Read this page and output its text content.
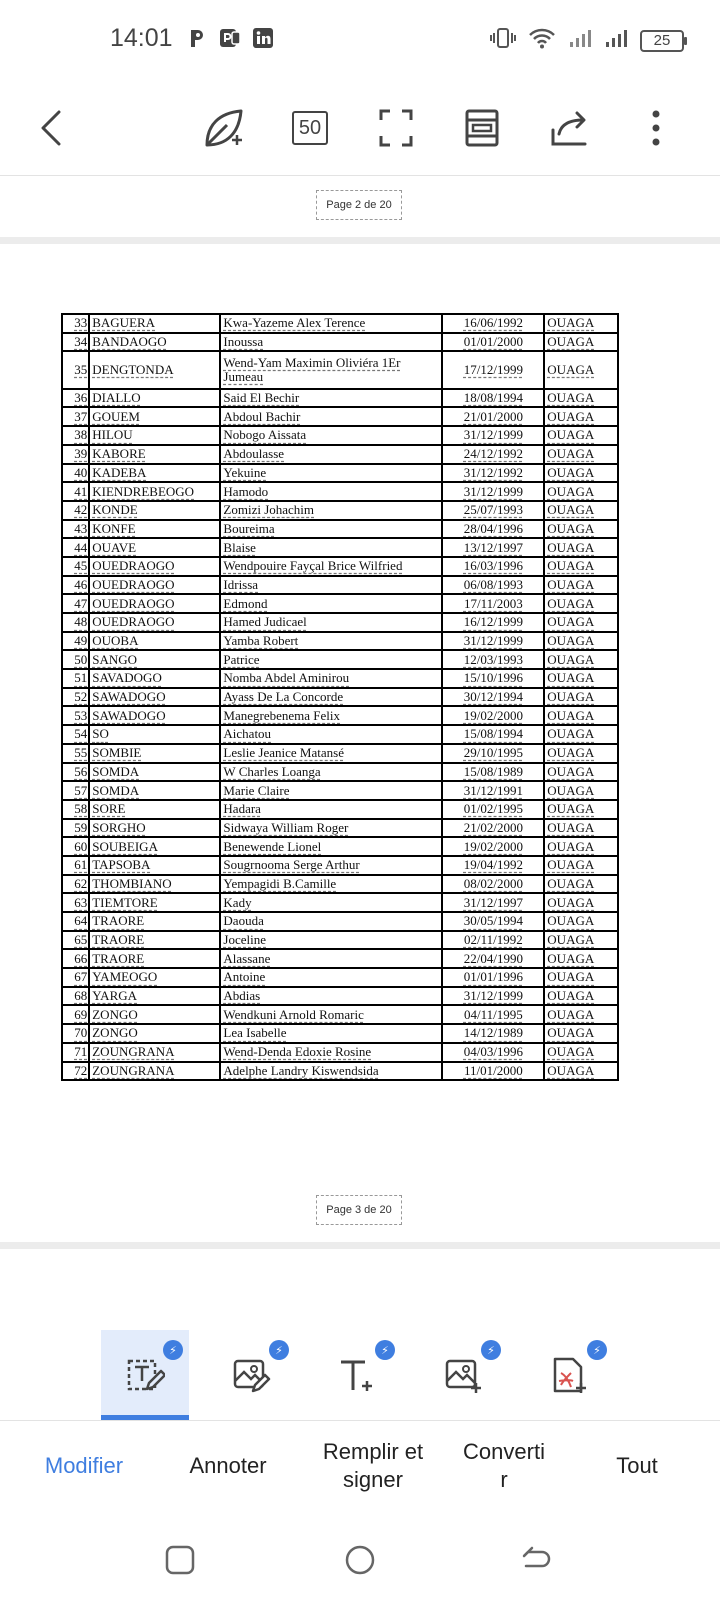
14:01	25
50
Page 2 de 20
33	BAGUERA	Kwa-Yazeme Alex Terence	16/06/1992	OUAGA
34	BANDAOGO	Inoussa	01/01/2000	OUAGA
35	DENGTONDA	Wend-Yam Maximin Oliviéra 1Er Jumeau	17/12/1999	OUAGA
36	DIALLO	Said El Bechir	18/08/1994	OUAGA
37	GOUEM	Abdoul Bachir	21/01/2000	OUAGA
38	HILOU	Nobogo Aissata	31/12/1999	OUAGA
39	KABORE	Abdoulasse	24/12/1992	OUAGA
40	KADEBA	Yekuine	31/12/1992	OUAGA
41	KIENDREBEOGO	Hamodo	31/12/1999	OUAGA
42	KONDE	Zomizi Johachim	25/07/1993	OUAGA
43	KONFE	Boureima	28/04/1996	OUAGA
44	OUAVE	Blaise	13/12/1997	OUAGA
45	OUEDRAOGO	Wendpouire Fayçal Brice Wilfried	16/03/1996	OUAGA
46	OUEDRAOGO	Idrissa	06/08/1993	OUAGA
47	OUEDRAOGO	Edmond	17/11/2003	OUAGA
48	OUEDRAOGO	Hamed Judicael	16/12/1999	OUAGA
49	OUOBA	Yamba Robert	31/12/1999	OUAGA
50	SANGO	Patrice	12/03/1993	OUAGA
51	SAVADOGO	Nomba Abdel Aminirou	15/10/1996	OUAGA
52	SAWADOGO	Ayass De La Concorde	30/12/1994	OUAGA
53	SAWADOGO	Manegrebenema Felix	19/02/2000	OUAGA
54	SO	Aichatou	15/08/1994	OUAGA
55	SOMBIE	Leslie Jeanice Matansé	29/10/1995	OUAGA
56	SOMDA	W Charles Loanga	15/08/1989	OUAGA
57	SOMDA	Marie Claire	31/12/1991	OUAGA
58	SORE	Hadara	01/02/1995	OUAGA
59	SORGHO	Sidwaya William Roger	21/02/2000	OUAGA
60	SOUBEIGA	Benewende Lionel	19/02/2000	OUAGA
61	TAPSOBA	Sougrnooma Serge Arthur	19/04/1992	OUAGA
62	THOMBIANO	Yempagidi B.Camille	08/02/2000	OUAGA
63	TIEMTORE	Kady	31/12/1997	OUAGA
64	TRAORE	Daouda	30/05/1994	OUAGA
65	TRAORE	Joceline	02/11/1992	OUAGA
66	TRAORE	Alassane	22/04/1990	OUAGA
67	YAMEOGO	Antoine	01/01/1996	OUAGA
68	YARGA	Abdias	31/12/1999	OUAGA
69	ZONGO	Wendkuni Arnold Romaric	04/11/1995	OUAGA
70	ZONGO	Lea Isabelle	14/12/1989	OUAGA
71	ZOUNGRANA	Wend-Denda Edoxie Rosine	04/03/1996	OUAGA
72	ZOUNGRANA	Adelphe Landry Kiswendsida	11/01/2000	OUAGA
Page 3 de 20
⚡	⚡	⚡	⚡	⚡
Modifier	Annoter
Remplir et
signer
Converti
r
Tout
